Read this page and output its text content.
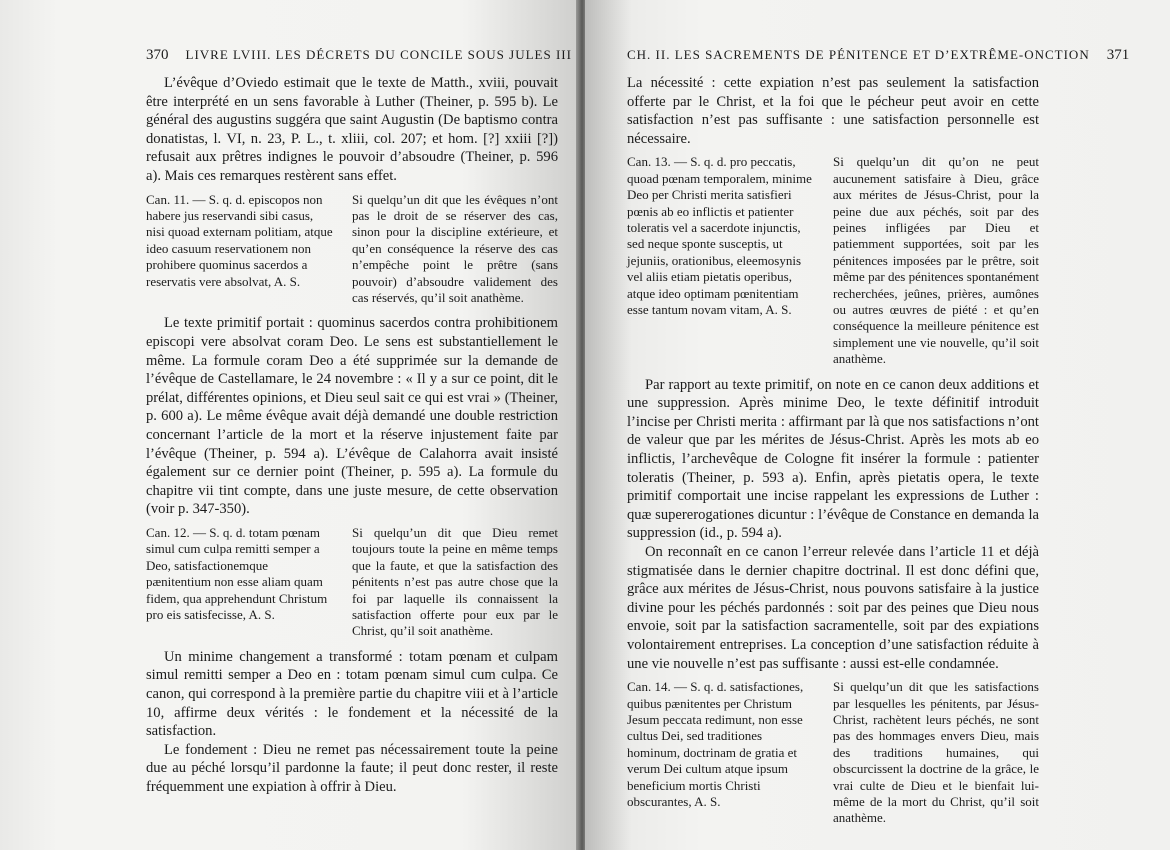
370 LIVRE LVIII. LES DÉCRETS DU CONCILE SOUS JULES III

L’évêque d’Oviedo estimait que le texte de Matth., xviii, pouvait être interprété en un sens favorable à Luther (Theiner, p. 595 b). Le général des augustins suggéra que saint Augustin (De baptismo contra donatistas, l. VI, n. 23, P. L., t. xliii, col. 207; et hom. [?] xxiii [?]) refusait aux prêtres indignes le pouvoir d’absoudre (Theiner, p. 596 a). Mais ces remarques restèrent sans effet.

Can. 11. — S. q. d. episcopos non habere jus reservandi sibi casus, nisi quoad externam politiam, atque ideo casuum reservationem non prohibere quominus sacerdos a reservatis vere absolvat, A. S.
Si quelqu’un dit que les évêques n’ont pas le droit de se réserver des cas, sinon pour la discipline extérieure, et qu’en conséquence la réserve des cas n’empêche point le prêtre (sans pouvoir) d’absoudre validement des cas réservés, qu’il soit anathème.

Le texte primitif portait : quominus sacerdos contra prohibitionem episcopi vere absolvat coram Deo. Le sens est substantiellement le même. La formule coram Deo a été supprimée sur la demande de l’évêque de Castellamare, le 24 novembre : « Il y a sur ce point, dit le prélat, différentes opinions, et Dieu seul sait ce qui est vrai » (Theiner, p. 600 a). Le même évêque avait déjà demandé une double restriction concernant l’article de la mort et la réserve injustement faite par l’évêque (Theiner, p. 594 a). L’évêque de Calahorra avait insisté également sur ce dernier point (Theiner, p. 595 a). La formule du chapitre vii tint compte, dans une juste mesure, de cette observation (voir p. 347-350).

Can. 12. — S. q. d. totam pœnam simul cum culpa remitti semper a Deo, satisfactionemque pænitentium non esse aliam quam fidem, qua apprehendunt Christum pro eis satisfecisse, A. S.
Si quelqu’un dit que Dieu remet toujours toute la peine en même temps que la faute, et que la satisfaction des pénitents n’est pas autre chose que la foi par laquelle ils connaissent la satisfaction offerte pour eux par le Christ, qu’il soit anathème.

Un minime changement a transformé : totam pœnam et culpam simul remitti semper a Deo en : totam pœnam simul cum culpa. Ce canon, qui correspond à la première partie du chapitre viii et à l’article 10, affirme deux vérités : le fondement et la nécessité de la satisfaction.

Le fondement : Dieu ne remet pas nécessairement toute la peine due au péché lorsqu’il pardonne la faute; il peut donc rester, il reste fréquemment une expiation à offrir à Dieu.

CH. II. LES SACREMENTS DE PÉNITENCE ET D’EXTRÊME-ONCTION 371

La nécessité : cette expiation n’est pas seulement la satisfaction offerte par le Christ, et la foi que le pécheur peut avoir en cette satisfaction n’est pas suffisante : une satisfaction personnelle est nécessaire.

Can. 13. — S. q. d. pro peccatis, quoad pœnam temporalem, minime Deo per Christi merita satisfieri pœnis ab eo inflictis et patienter toleratis vel a sacerdote injunctis, sed neque sponte susceptis, ut jejuniis, orationibus, eleemosynis vel aliis etiam pietatis operibus, atque ideo optimam pœnitentiam esse tantum novam vitam, A. S.
Si quelqu’un dit qu’on ne peut aucunement satisfaire à Dieu, grâce aux mérites de Jésus-Christ, pour la peine due aux péchés, soit par des peines infligées par Dieu et patiemment supportées, soit par les pénitences imposées par le prêtre, soit même par des pénitences spontanément recherchées, jeûnes, prières, aumônes ou autres œuvres de piété : et qu’en conséquence la meilleure pénitence est simplement une vie nouvelle, qu’il soit anathème.

Par rapport au texte primitif, on note en ce canon deux additions et une suppression. Après minime Deo, le texte définitif introduit l’incise per Christi merita : affirmant par là que nos satisfactions n’ont de valeur que par les mérites de Jésus-Christ. Après les mots ab eo inflictis, l’archevêque de Cologne fit insérer la formule : patienter toleratis (Theiner, p. 593 a). Enfin, après pietatis opera, le texte primitif comportait une incise rappelant les expressions de Luther : quæ supererogationes dicuntur : l’évêque de Constance en demanda la suppression (id., p. 594 a).

On reconnaît en ce canon l’erreur relevée dans l’article 11 et déjà stigmatisée dans le dernier chapitre doctrinal. Il est donc défini que, grâce aux mérites de Jésus-Christ, nous pouvons satisfaire à la justice divine pour les péchés pardonnés : soit par des peines que Dieu nous envoie, soit par la satisfaction sacramentelle, soit par des expiations volontairement entreprises. La conception d’une satisfaction réduite à une vie nouvelle n’est pas suffisante : aussi est-elle condamnée.

Can. 14. — S. q. d. satisfactiones, quibus pænitentes per Christum Jesum peccata redimunt, non esse cultus Dei, sed traditiones hominum, doctrinam de gratia et verum Dei cultum atque ipsum beneficium mortis Christi obscurantes, A. S.
Si quelqu’un dit que les satisfactions par lesquelles les pénitents, par Jésus-Christ, rachètent leurs péchés, ne sont pas des hommages envers Dieu, mais des traditions humaines, qui obscurcissent la doctrine de la grâce, le vrai culte de Dieu et le bienfait lui-même de la mort du Christ, qu’il soit anathème.
